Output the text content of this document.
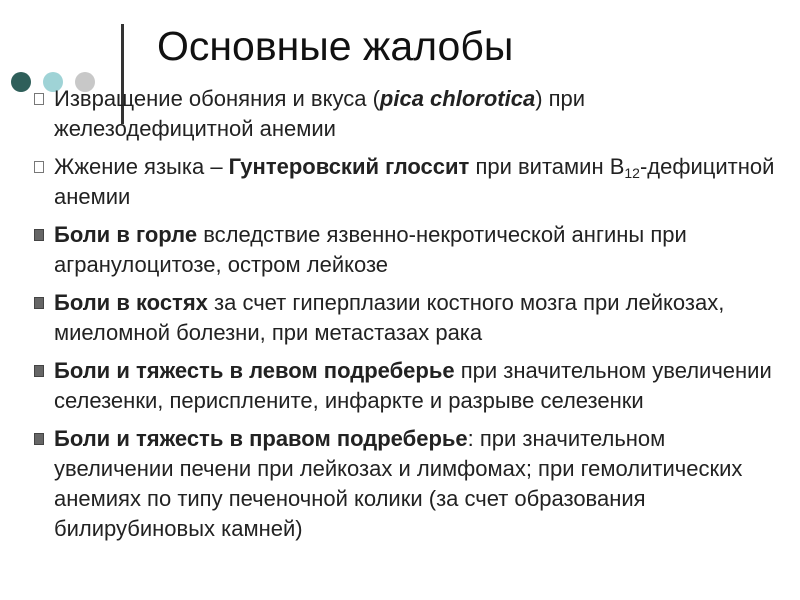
Основные жалобы
Извращение обоняния и вкуса (pica chlorotica) при железодефицитной анемии
Жжение языка – Гунтеровский глоссит при витамин $В_{12}$-дефицитной анемии
Боли в горле вследствие язвенно-некротической ангины при агранулоцитозе, остром лейкозе
Боли в костях за счет гиперплазии костного мозга при лейкозах, миеломной болезни, при метастазах рака
Боли и тяжесть в левом подреберье при значительном увеличении селезенки, перисплените, инфаркте и разрыве селезенки
Боли и тяжесть в правом подреберье: при значительном увеличении печени при лейкозах и лимфомах; при гемолитических анемиях по типу печеночной колики (за счет образования билирубиновых камней)
